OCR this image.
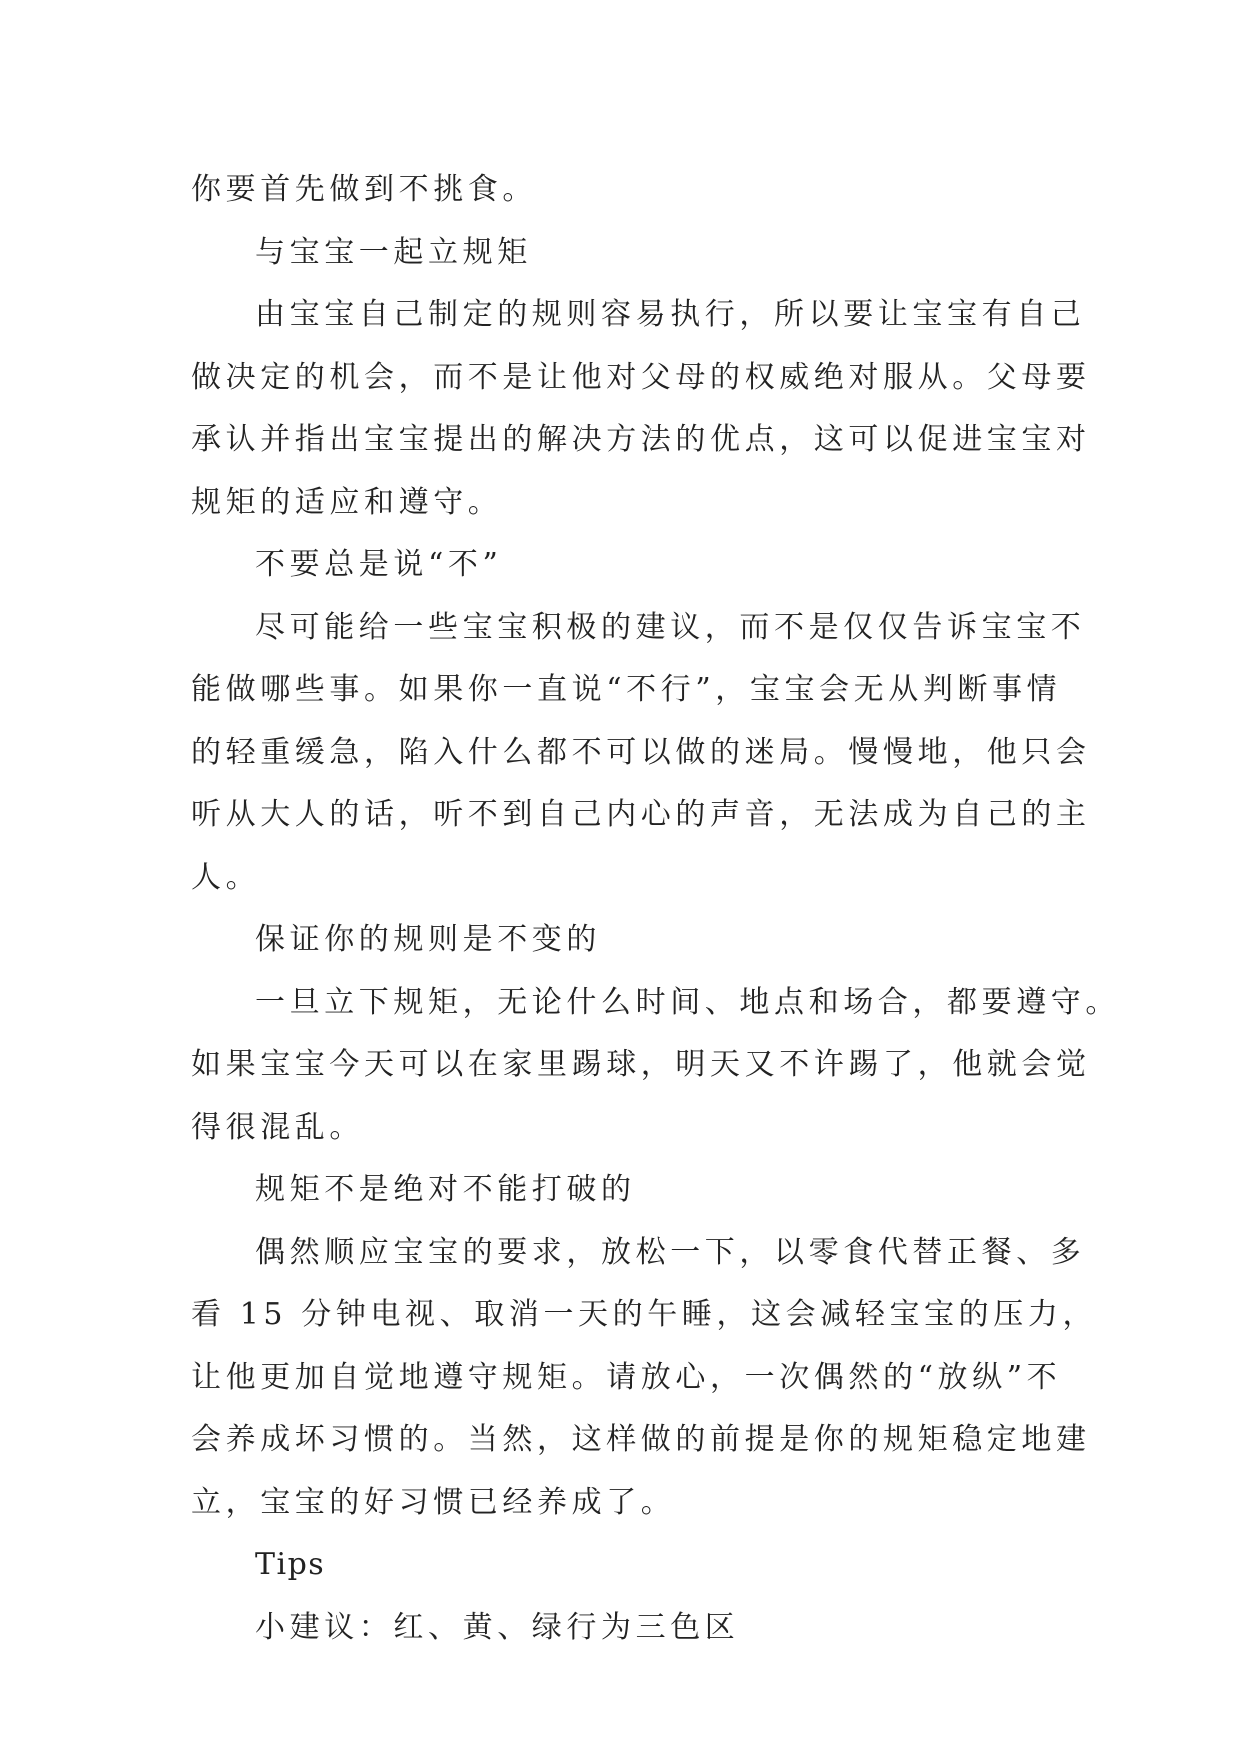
你要首先做到不挑食。
与宝宝一起立规矩
由宝宝自己制定的规则容易执行，所以要让宝宝有自己
做决定的机会，而不是让他对父母的权威绝对服从。父母要
承认并指出宝宝提出的解决方法的优点，这可以促进宝宝对
规矩的适应和遵守。
不要总是说“不”
尽可能给一些宝宝积极的建议，而不是仅仅告诉宝宝不
能做哪些事。如果你一直说“不行”，宝宝会无从判断事情
的轻重缓急，陷入什么都不可以做的迷局。慢慢地，他只会
听从大人的话，听不到自己内心的声音，无法成为自己的主
人。
保证你的规则是不变的
一旦立下规矩，无论什么时间、地点和场合，都要遵守。
如果宝宝今天可以在家里踢球，明天又不许踢了，他就会觉
得很混乱。
规矩不是绝对不能打破的
偶然顺应宝宝的要求，放松一下，以零食代替正餐、多
看 15 分钟电视、取消一天的午睡，这会减轻宝宝的压力，
让他更加自觉地遵守规矩。请放心，一次偶然的“放纵”不
会养成坏习惯的。当然，这样做的前提是你的规矩稳定地建
立，宝宝的好习惯已经养成了。
Tips
小建议：红、黄、绿行为三色区
